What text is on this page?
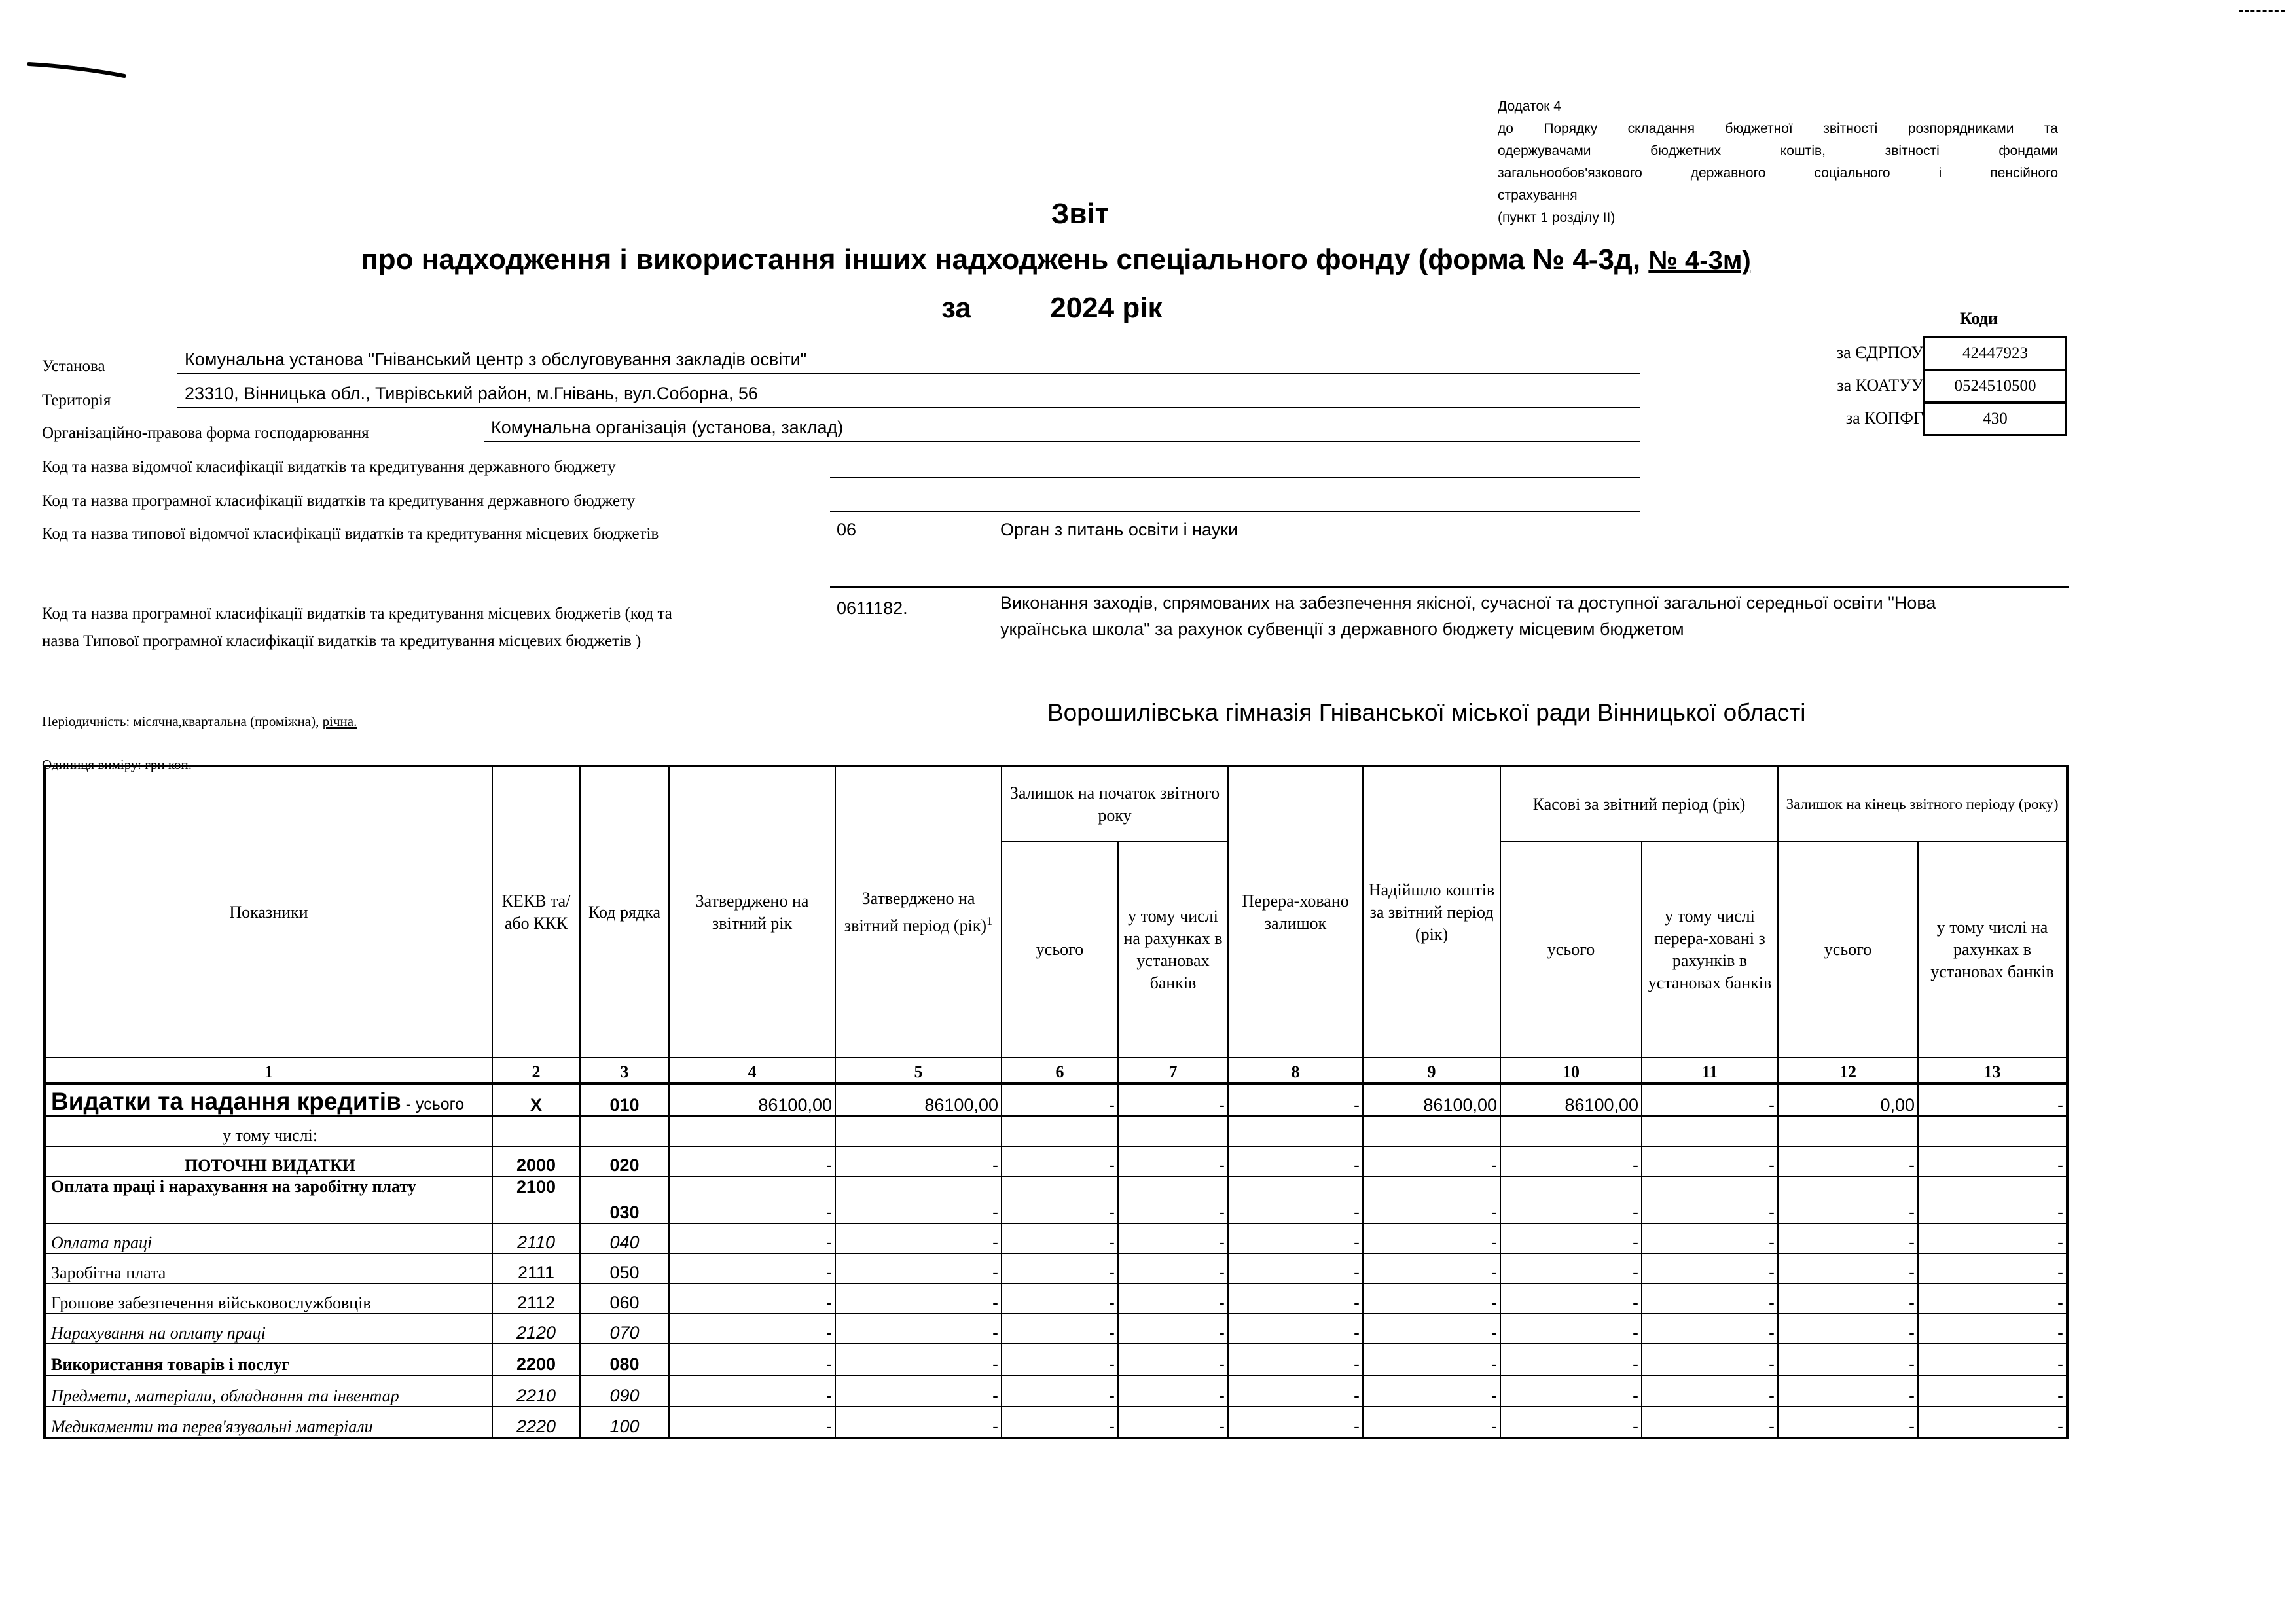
Додаток 4
до Порядку складання бюджетної звітності розпорядниками та
одержувачами бюджетних коштів, звітності фондами
загальнообов'язкового державного соціального і пенсійного
страхування
(пункт 1 розділу ІІ)
Звіт
про надходження і використання інших надходжень спеціального фонду (форма № 4-3д, № 4-3м)
за	2024 рік	Коди
за ЄДРПОУ	42447923
за КОАТУУ	0524510500
за КОПФГ	430
Установа	Комунальна установа "Гніванський центр з обслуговування закладів освіти"
Територія	23310, Вінницька обл., Тиврівський район, м.Гнівань, вул.Соборна, 56
Організаційно-правова форма господарювання	Комунальна організація (установа, заклад)
Код та назва відомчої класифікації видатків та кредитування державного бюджету
Код та назва програмної класифікації видатків та кредитування державного бюджету
Код та назва типової відомчої класифікації видатків та кредитування місцевих бюджетів	06	Орган з питань освіти і науки
Код та назва програмної класифікації видатків та кредитування місцевих бюджетів (код та
назва Типової програмної класифікації видатків та кредитування місцевих бюджетів )
0611182.	Виконання заходів, спрямованих на забезпечення якісної, сучасної та доступної загальної середньої освіти "Нова
українська школа" за рахунок субвенції з державного бюджету місцевим бюджетом
Періодичність: місячна,квартальна (проміжна), річна.	Ворошилівська гімназія Гніванської міської ради Вінницької області
Одиниця виміру: грн коп.
Показники	КЕКВ та/або ККК	Код рядка	Затверджено на звітний рік	Затверджено на звітний період (рік)$^1$	Залишок на початок звітного року		Перера-ховано залишок	Надійшло коштів за звітний період (рік)	Касові за звітний період (рік)		Залишок на кінець звітного періоду (року)	
					усього	у тому числі на рахунках в установах банків			усього	у тому числі перера-ховані з рахунків в установах банків	усього	у тому числі на рахунках в установах банків
1	2	3	4	5	6	7	8	9	10	11	12	13
Видатки та надання кредитів - усього	Х	010	86100,00	86100,00	-	-	-	86100,00	86100,00	-	0,00	-
у тому числі:												
ПОТОЧНІ ВИДАТКИ	2000	020	-	-	-	-	-	-	-	-	-	-
Оплата праці і нарахування на заробітну плату	2100	030	-	-	-	-	-	-	-	-	-	-
Оплата праці	2110	040	-	-	-	-	-	-	-	-	-	-
Заробітна плата	2111	050	-	-	-	-	-	-	-	-	-	-
Грошове забезпечення військовослужбовців	2112	060	-	-	-	-	-	-	-	-	-	-
Нарахування на оплату праці	2120	070	-	-	-	-	-	-	-	-	-	-
Використання товарів і послуг	2200	080	-	-	-	-	-	-	-	-	-	-
Предмети, матеріали, обладнання та інвентар	2210	090	-	-	-	-	-	-	-	-	-	-
Медикаменти та перев'язувальні матеріали	2220	100	-	-	-	-	-	-	-	-	-	-
